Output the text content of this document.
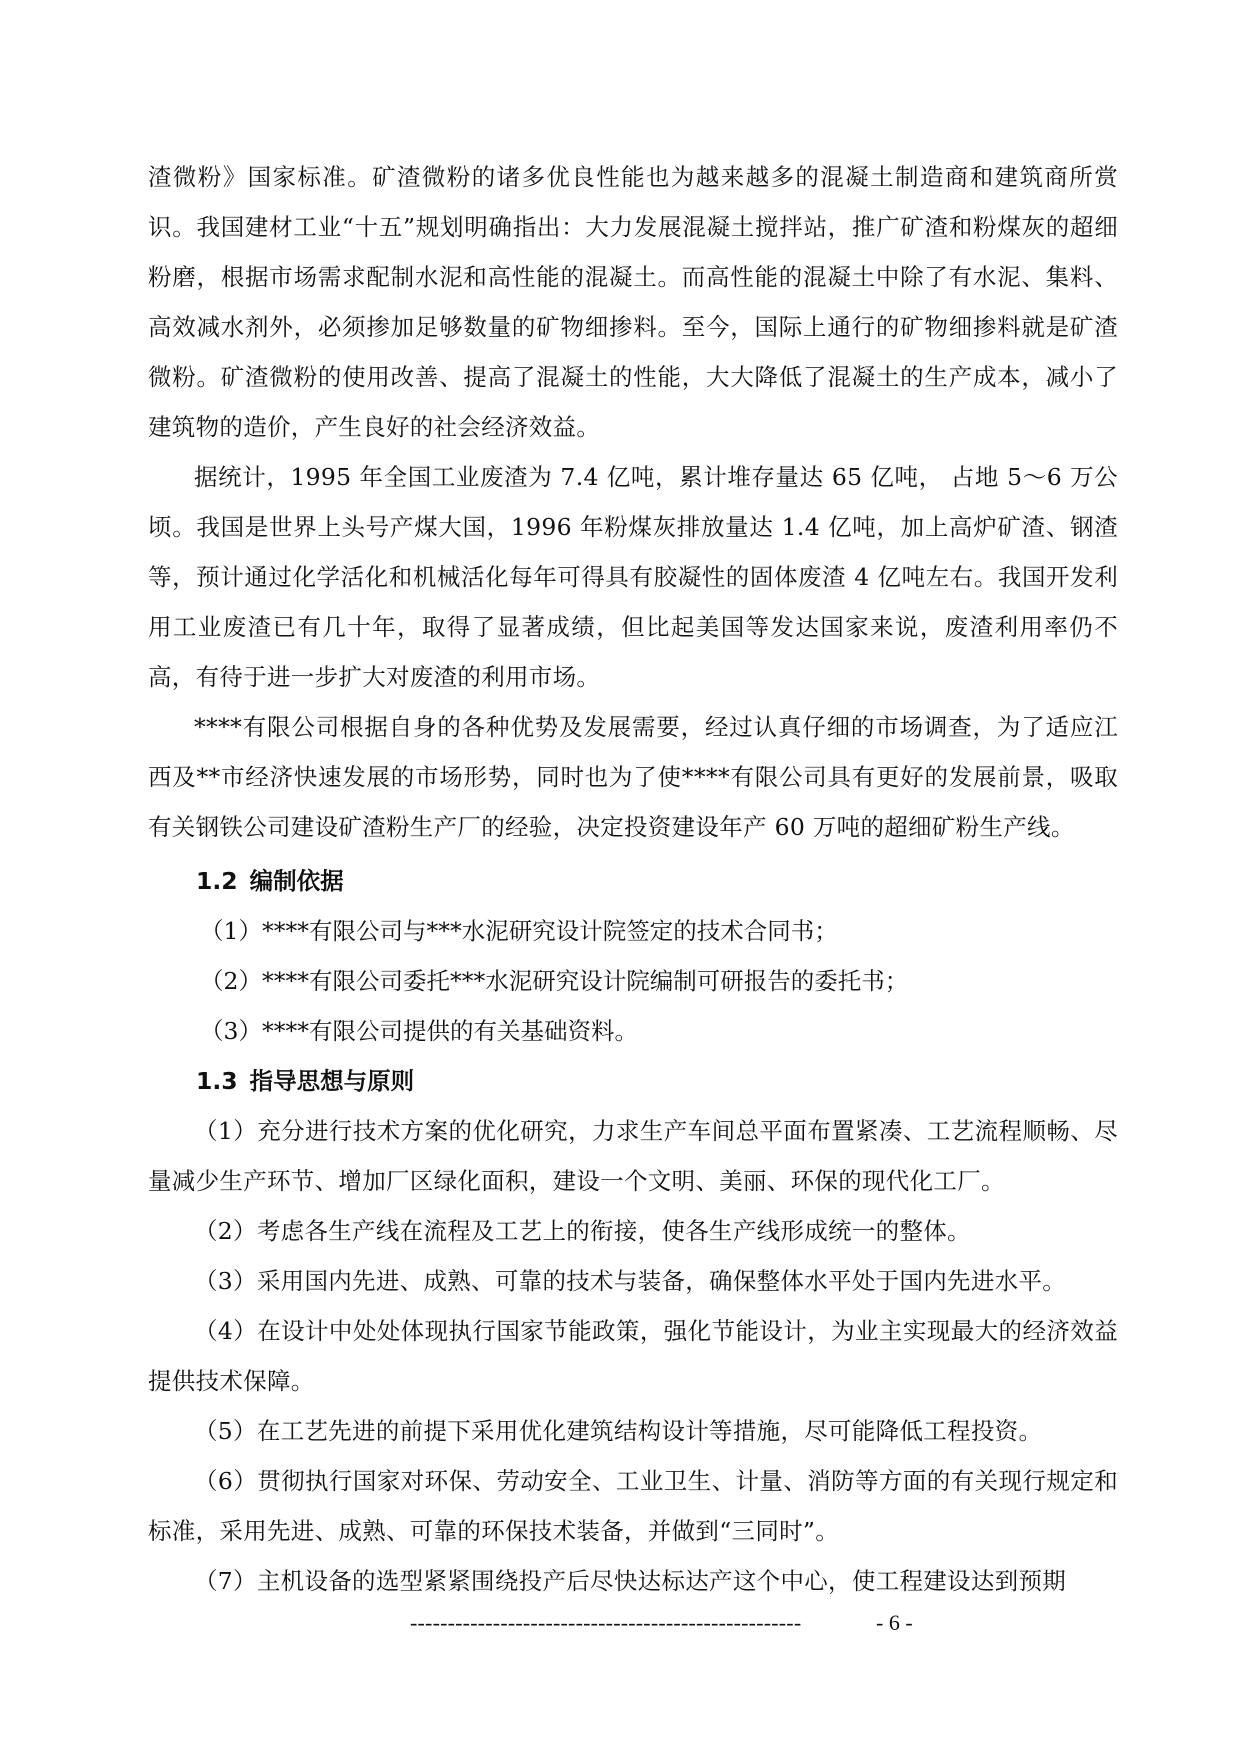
渣微粉》国家标准。矿渣微粉的诸多优良性能也为越来越多的混凝土制造商和建筑商所赏识。我国建材工业“十五”规划明确指出：大力发展混凝土搅拌站，推广矿渣和粉煤灰的超细粉磨，根据市场需求配制水泥和高性能的混凝土。而高性能的混凝土中除了有水泥、集料、高效减水剂外，必须掺加足够数量的矿物细掺料。至今，国际上通行的矿物细掺料就是矿渣微粉。矿渣微粉的使用改善、提高了混凝土的性能，大大降低了混凝土的生产成本，减小了建筑物的造价，产生良好的社会经济效益。

据统计，1995 年全国工业废渣为 7.4 亿吨，累计堆存量达 65 亿吨， 占地 5～6 万公顷。我国是世界上头号产煤大国，1996 年粉煤灰排放量达 1.4 亿吨，加上高炉矿渣、钢渣等，预计通过化学活化和机械活化每年可得具有胶凝性的固体废渣 4 亿吨左右。我国开发利用工业废渣已有几十年，取得了显著成绩，但比起美国等发达国家来说，废渣利用率仍不高，有待于进一步扩大对废渣的利用市场。

****有限公司根据自身的各种优势及发展需要，经过认真仔细的市场调查，为了适应江西及**市经济快速发展的市场形势，同时也为了使****有限公司具有更好的发展前景，吸取有关钢铁公司建设矿渣粉生产厂的经验，决定投资建设年产 60 万吨的超细矿粉生产线。

1.2 编制依据

（1）****有限公司与***水泥研究设计院签定的技术合同书；

（2）****有限公司委托***水泥研究设计院编制可研报告的委托书；

（3）****有限公司提供的有关基础资料。

1.3 指导思想与原则

（1）充分进行技术方案的优化研究，力求生产车间总平面布置紧凑、工艺流程顺畅、尽量减少生产环节、增加厂区绿化面积，建设一个文明、美丽、环保的现代化工厂。

（2）考虑各生产线在流程及工艺上的衔接，使各生产线形成统一的整体。

（3）采用国内先进、成熟、可靠的技术与装备，确保整体水平处于国内先进水平。

（4）在设计中处处体现执行国家节能政策，强化节能设计，为业主实现最大的经济效益提供技术保障。

（5）在工艺先进的前提下采用优化建筑结构设计等措施，尽可能降低工程投资。

（6）贯彻执行国家对环保、劳动安全、工业卫生、计量、消防等方面的有关现行规定和标准，采用先进、成熟、可靠的环保技术装备，并做到“三同时”。

（7）主机设备的选型紧紧围绕投产后尽快达标达产这个中心，使工程建设达到预期

----------------------------------------------------	- 6 -
